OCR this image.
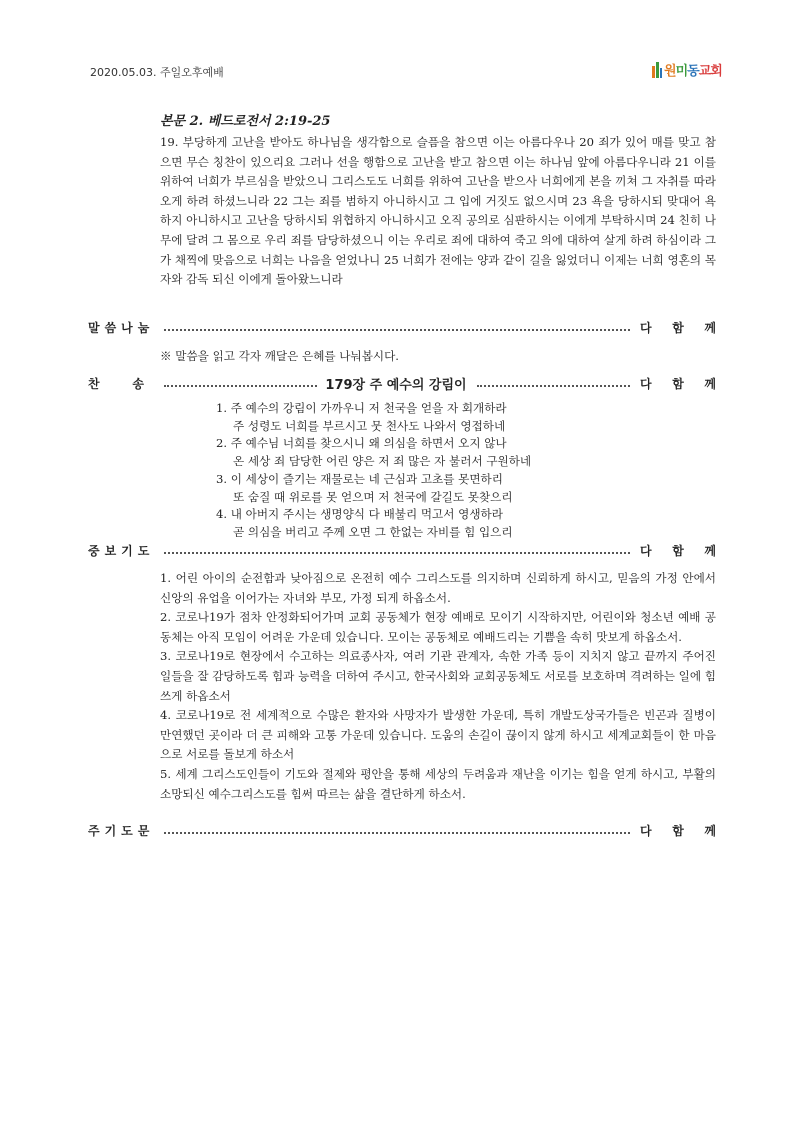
2020.05.03. 주일오후예배	원미동교회
본문 2. 베드로전서 2:19-25
19. 부당하게 고난을 받아도 하나님을 생각함으로 슬픔을 참으면 이는 아름다우나 20 죄가 있어 매를 맞고 참으면 무슨 칭찬이 있으리요 그러나 선을 행함으로 고난을 받고 참으면 이는 하나님 앞에 아름다우니라 21 이를 위하여 너희가 부르심을 받았으니 그리스도도 너희를 위하여 고난을 받으사 너희에게 본을 끼쳐 그 자취를 따라오게 하려 하셨느니라 22 그는 죄를 범하지 아니하시고 그 입에 거짓도 없으시며 23 욕을 당하시되 맞대어 욕하지 아니하시고 고난을 당하시되 위협하지 아니하시고 오직 공의로 심판하시는 이에게 부탁하시며 24 친히 나무에 달려 그 몸으로 우리 죄를 담당하셨으니 이는 우리로 죄에 대하여 죽고 의에 대하여 살게 하려 하심이라 그가 채찍에 맞음으로 너희는 나음을 얻었나니 25 너희가 전에는 양과 같이 길을 잃었더니 이제는 너희 영혼의 목자와 감독 되신 이에게 돌아왔느니라
말씀나눔	다 함 께
※ 말씀을 읽고 각자 깨달은 은혜를 나눠봅시다.
찬	송	179장 주 예수의 강림이	다 함 께
1. 주 예수의 강림이 가까우니 저 천국을 얻을 자 회개하라
주 성령도 너희를 부르시고 뭇 천사도 나와서 영접하네
2. 주 예수님 너희를 찾으시니 왜 의심을 하면서 오지 않나
온 세상 죄 담당한 어린 양은 저 죄 많은 자 불러서 구원하네
3. 이 세상이 즐기는 재물로는 네 근심과 고초를 못면하리
또 숨질 때 위로를 못 얻으며 저 천국에 갈길도 못찾으리
4. 내 아버지 주시는 생명양식 다 배불리 먹고서 영생하라
곧 의심을 버리고 주께 오면 그 한없는 자비를 힘 입으리
중보기도	다 함 께
1. 어린 아이의 순전함과 낮아짐으로 온전히 예수 그리스도를 의지하며 신뢰하게 하시고, 믿음의 가정 안에서 신앙의 유업을 이어가는 자녀와 부모, 가정 되게 하옵소서.
2. 코로나19가 점차 안정화되어가며 교회 공동체가 현장 예배로 모이기 시작하지만, 어린이와 청소년 예배 공동체는 아직 모임이 어려운 가운데 있습니다. 모이는 공동체로 예배드리는 기쁨을 속히 맛보게 하옵소서.
3. 코로나19로 현장에서 수고하는 의료종사자, 여러 기관 관계자, 속한 가족 등이 지치지 않고 끝까지 주어진 일들을 잘 감당하도록 힘과 능력을 더하여 주시고, 한국사회와 교회공동체도 서로를 보호하며 격려하는 일에 힘쓰게 하옵소서
4. 코로나19로 전 세계적으로 수많은 환자와 사망자가 발생한 가운데, 특히 개발도상국가들은 빈곤과 질병이 만연했던 곳이라 더 큰 피해와 고통 가운데 있습니다. 도움의 손길이 끊이지 않게 하시고 세계교회들이 한 마음으로 서로를 돌보게 하소서
5. 세계 그리스도인들이 기도와 절제와 평안을 통해 세상의 두려움과 재난을 이기는 힘을 얻게 하시고, 부활의 소망되신 예수그리스도를 힘써 따르는 삶을 결단하게 하소서.
주기도문	다 함 께
